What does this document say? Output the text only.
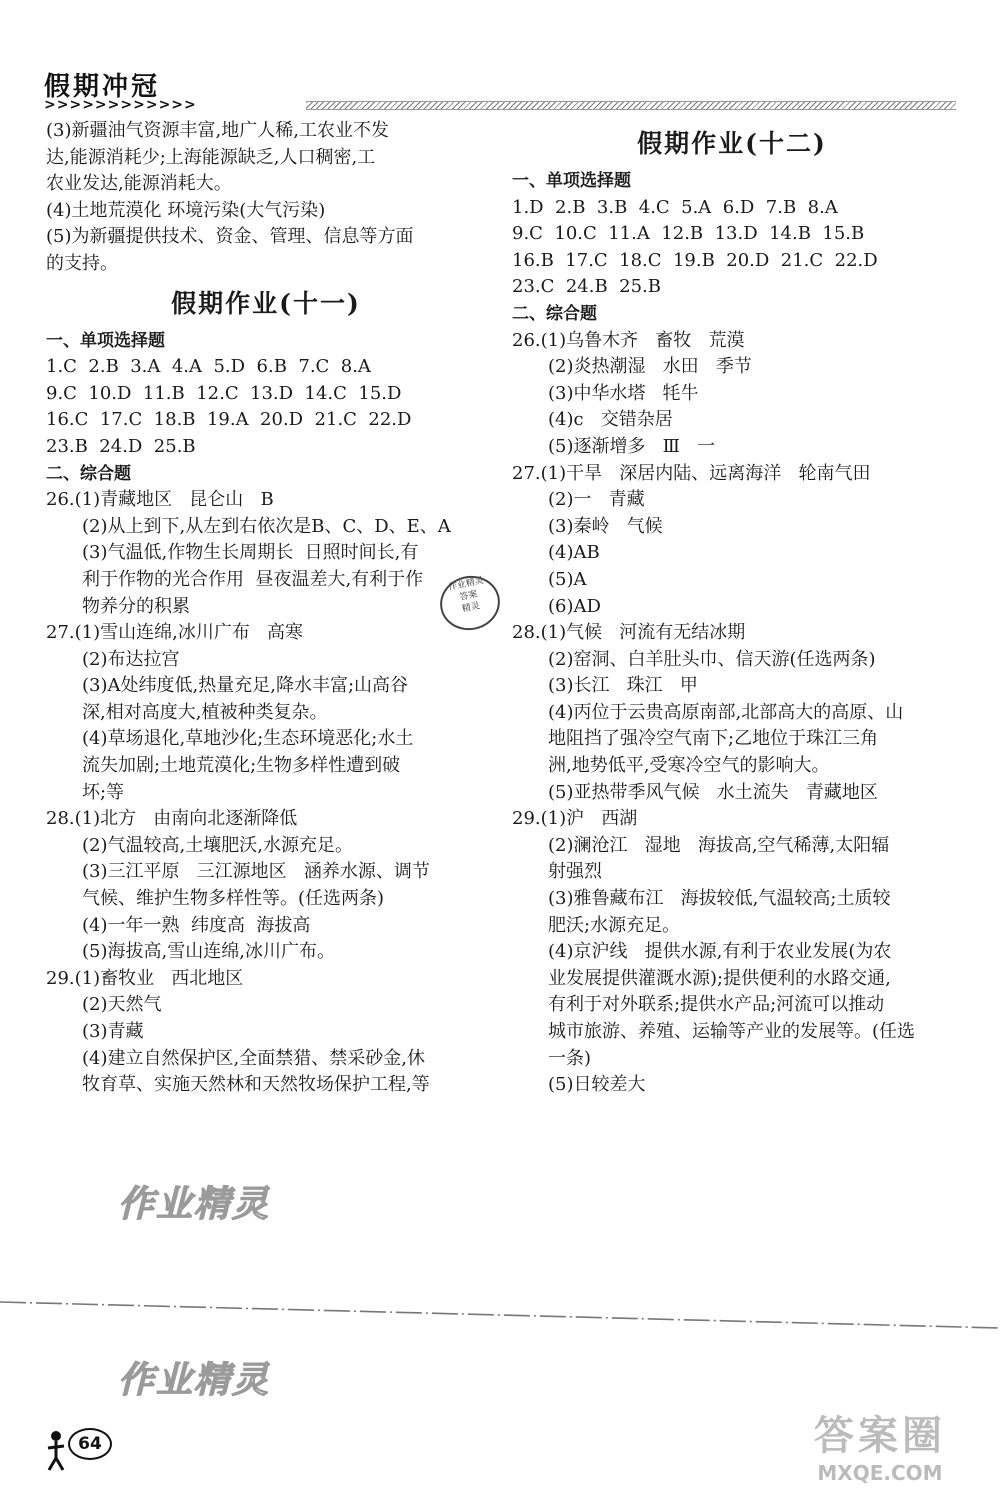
假期冲冠
>>>>>>>>>>>>
(3)新疆油气资源丰富,地广人稀,工农业不发
达,能源消耗少;上海能源缺乏,人口稠密,工
农业发达,能源消耗大。
(4)土地荒漠化 环境污染(大气污染)
(5)为新疆提供技术、资金、管理、信息等方面
的支持。
假期作业(十一)
一、单项选择题
1.C  2.B  3.A  4.A  5.D  6.B  7.C  8.A
9.C  10.D  11.B  12.C  13.D  14.C  15.D
16.C  17.C  18.B  19.A  20.D  21.C  22.D
23.B  24.D  25.B
二、综合题
26.(1)青藏地区   昆仑山   B
(2)从上到下,从左到右依次是B、C、D、E、A
(3)气温低,作物生长周期长  日照时间长,有
利于作物的光合作用  昼夜温差大,有利于作
物养分的积累
27.(1)雪山连绵,冰川广布   高寒
(2)布达拉宫
(3)A处纬度低,热量充足,降水丰富;山高谷
深,相对高度大,植被种类复杂。
(4)草场退化,草地沙化;生态环境恶化;水土
流失加剧;土地荒漠化;生物多样性遭到破
坏;等
28.(1)北方   由南向北逐渐降低
(2)气温较高,土壤肥沃,水源充足。
(3)三江平原   三江源地区   涵养水源、调节
气候、维护生物多样性等。(任选两条)
(4)一年一熟  纬度高  海拔高
(5)海拔高,雪山连绵,冰川广布。
29.(1)畜牧业   西北地区
(2)天然气
(3)青藏
(4)建立自然保护区,全面禁猎、禁采砂金,休
牧育草、实施天然林和天然牧场保护工程,等
假期作业(十二)
一、单项选择题
1.D  2.B  3.B  4.C  5.A  6.D  7.B  8.A
9.C  10.C  11.A  12.B  13.D  14.B  15.B
16.B  17.C  18.C  19.B  20.D  21.C  22.D
23.C  24.B  25.B
二、综合题
26.(1)乌鲁木齐   畜牧   荒漠
(2)炎热潮湿   水田   季节
(3)中华水塔   牦牛
(4)c   交错杂居
(5)逐渐增多   Ⅲ   一
27.(1)干旱   深居内陆、远离海洋   轮南气田
(2)一   青藏
(3)秦岭   气候
(4)AB
(5)A
(6)AD
28.(1)气候   河流有无结冰期
(2)窑洞、白羊肚头巾、信天游(任选两条)
(3)长江   珠江   甲
(4)丙位于云贵高原南部,北部高大的高原、山
地阻挡了强冷空气南下;乙地位于珠江三角
洲,地势低平,受寒冷空气的影响大。
(5)亚热带季风气候   水土流失   青藏地区
29.(1)沪   西湖
(2)澜沧江   湿地   海拔高,空气稀薄,太阳辐
射强烈
(3)雅鲁藏布江   海拔较低,气温较高;土质较
肥沃;水源充足。
(4)京沪线   提供水源,有利于农业发展(为农
业发展提供灌溉水源);提供便利的水路交通,
有利于对外联系;提供水产品;河流可以推动
城市旅游、养殖、运输等产业的发展等。(任选
一条)
(5)日较差大
作业精灵
答案
精灵
作业精灵
作业精灵
64	答案圈
MXQE.COM
